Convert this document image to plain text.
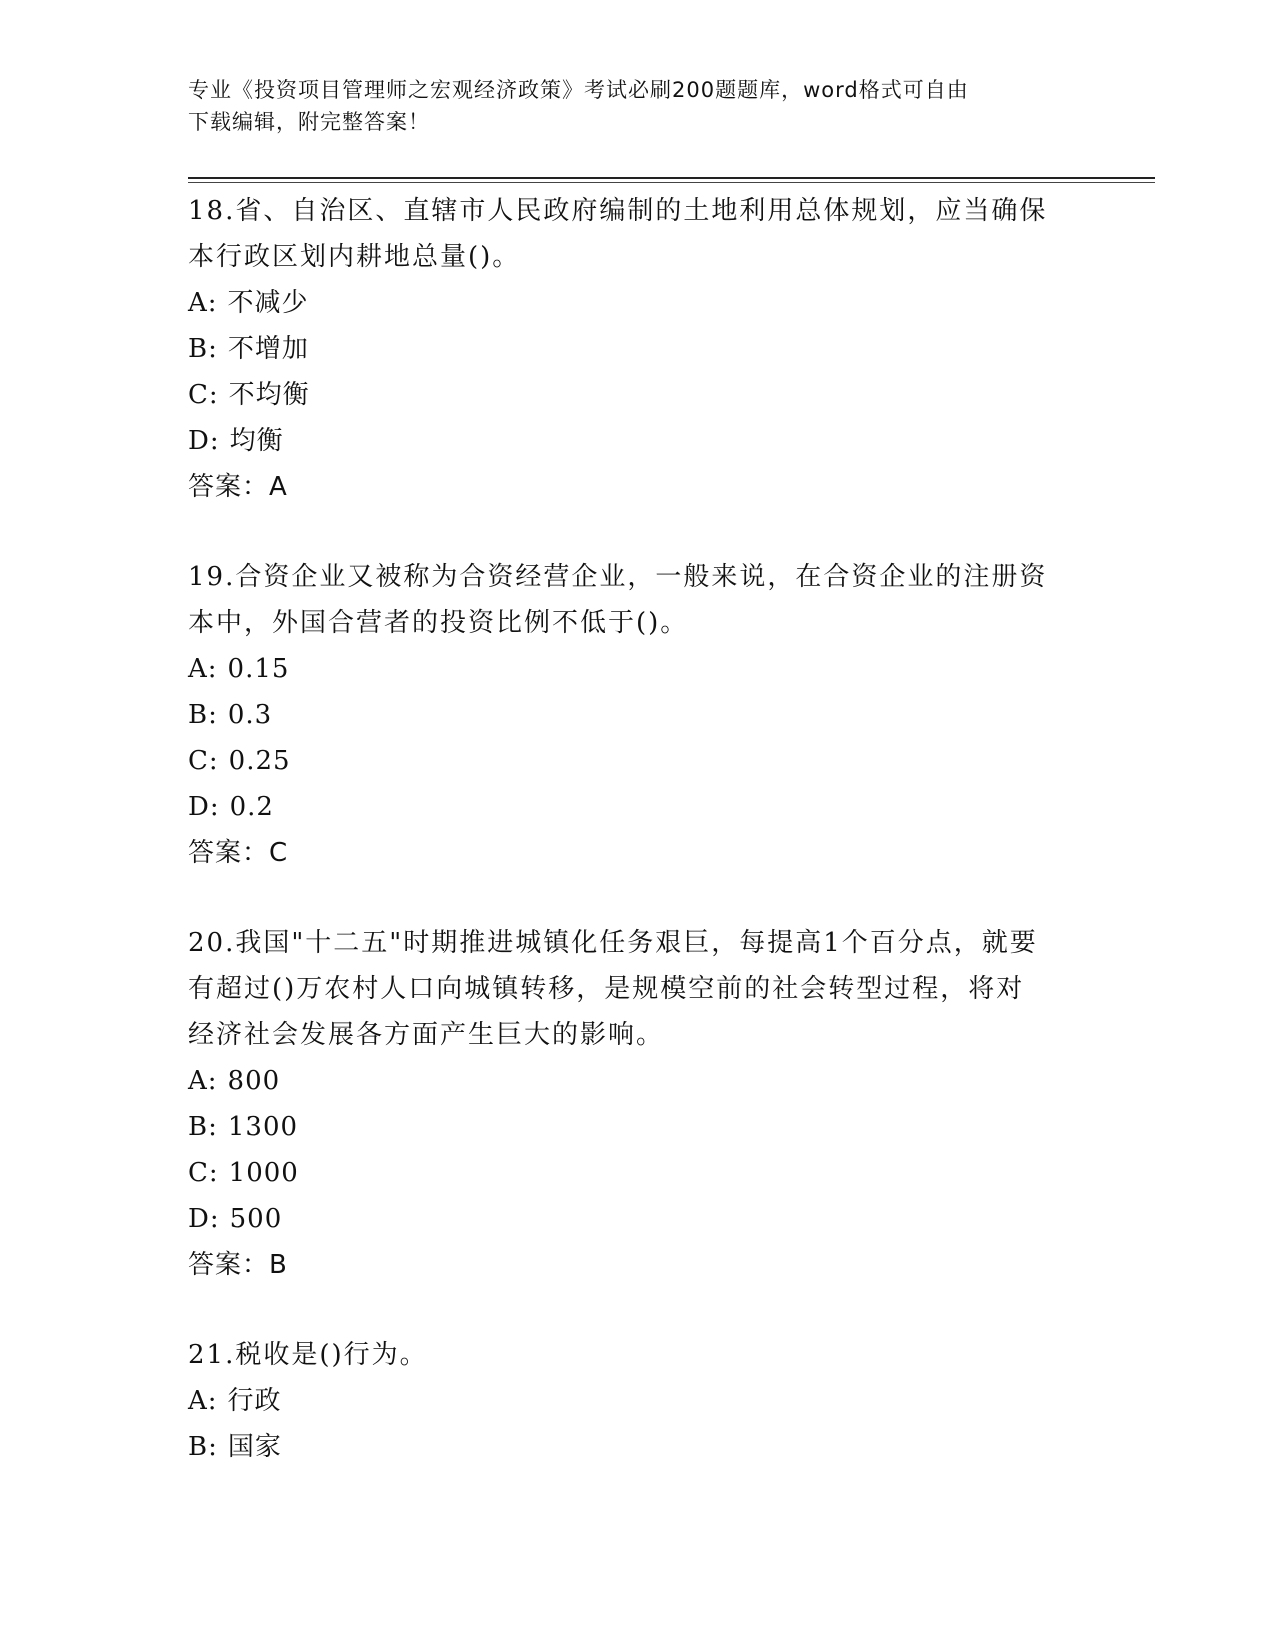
专业《投资项目管理师之宏观经济政策》考试必刷200题题库，word格式可自由
下载编辑，附完整答案！

18.省、自治区、直辖市人民政府编制的土地利用总体规划，应当确保
本行政区划内耕地总量()。

A: 不减少

B: 不增加

C: 不均衡

D: 均衡

答案：A

19.合资企业又被称为合资经营企业，一般来说，在合资企业的注册资
本中，外国合营者的投资比例不低于()。

A: 0.15

B: 0.3

C: 0.25

D: 0.2

答案：C

20.我国"十二五"时期推进城镇化任务艰巨，每提高1个百分点，就要
有超过()万农村人口向城镇转移，是规模空前的社会转型过程，将对
经济社会发展各方面产生巨大的影响。

A: 800

B: 1300

C: 1000

D: 500

答案：B

21.税收是()行为。

A: 行政

B: 国家
